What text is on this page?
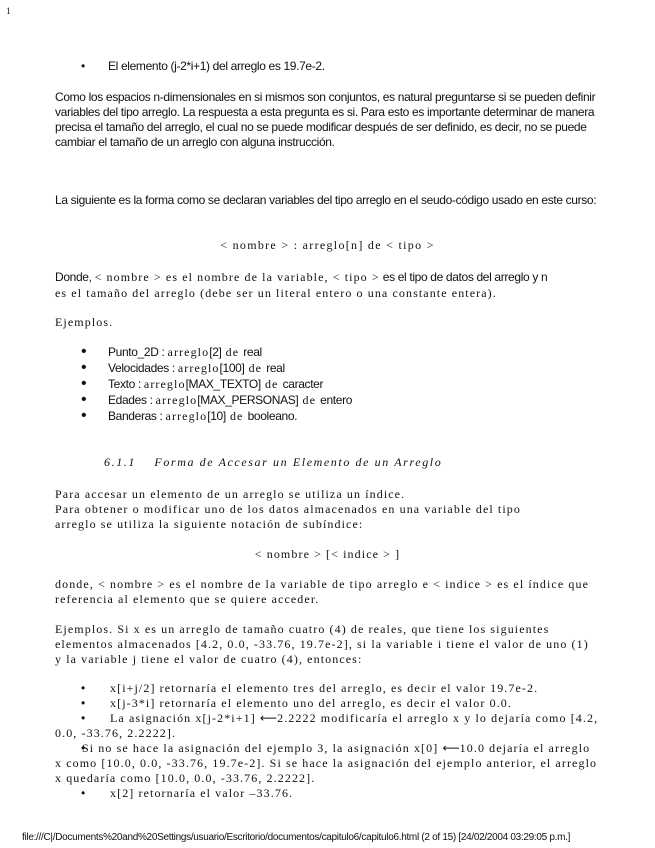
1
• El elemento (j-2*i+1) del arreglo es 19.7e-2.

Como los espacios n-dimensionales en si mismos son conjuntos, es natural preguntarse si se pueden definir variables del tipo arreglo. La respuesta a esta pregunta es si. Para esto es importante determinar de manera precisa el tamaño del arreglo, el cual no se puede modificar después de ser definido, es decir, no se puede cambiar el tamaño de un arreglo con alguna instrucción.

La siguiente es la forma como se declaran variables del tipo arreglo en el seudo-código usado en este curso:

< nombre > : arreglo[n] de < tipo >

Donde, < nombre > es el nombre de la variable, < tipo > es el tipo de datos del arreglo y n
es el tamaño del arreglo (debe ser un literal entero o una constante entera).

Ejemplos.

• Punto_2D : arreglo[2] de real
• Velocidades : arreglo[100] de real
• Texto : arreglo[MAX_TEXTO] de caracter
• Edades : arreglo[MAX_PERSONAS] de entero
• Banderas : arreglo[10] de booleano.
6.1.1    Forma de Accesar un Elemento de un Arreglo

Para accesar un elemento de un arreglo se utiliza un índice.

Para obtener o modificar uno de los datos almacenados en una variable del tipo arreglo se utiliza la siguiente notación de subíndice:

< nombre > [< indice > ]

donde, < nombre > es el nombre de la variable de tipo arreglo e < indice > es el índice que referencia al elemento que se quiere acceder.

Ejemplos. Si x es un arreglo de tamaño cuatro (4) de reales, que tiene los siguientes elementos almacenados [4.2, 0.0, -33.76, 19.7e-2], si la variable i tiene el valor de uno (1) y la variable j tiene el valor de cuatro (4), entonces:

• x[i+j/2] retornaría el elemento tres del arreglo, es decir el valor 19.7e-2.
• x[j-3*i] retornaría el elemento uno del arreglo, es decir el valor 0.0.
• La asignación x[j-2*i+1] ⟵2.2222 modificaría el arreglo x y lo dejaría como [4.2, 0.0, -33.76, 2.2222].
• Si no se hace la asignación del ejemplo 3, la asignación x[0] ⟵10.0 dejaría el arreglo x como [10.0, 0.0, -33.76, 19.7e-2]. Si se hace la asignación del ejemplo anterior, el arreglo x quedaría como [10.0, 0.0, -33.76, 2.2222].
• x[2] retornaría el valor –33.76.
file:///C|/Documents%20and%20Settings/usuario/Escritorio/documentos/capitulo6/capitulo6.html (2 of 15) [24/02/2004 03:29:05 p.m.]
